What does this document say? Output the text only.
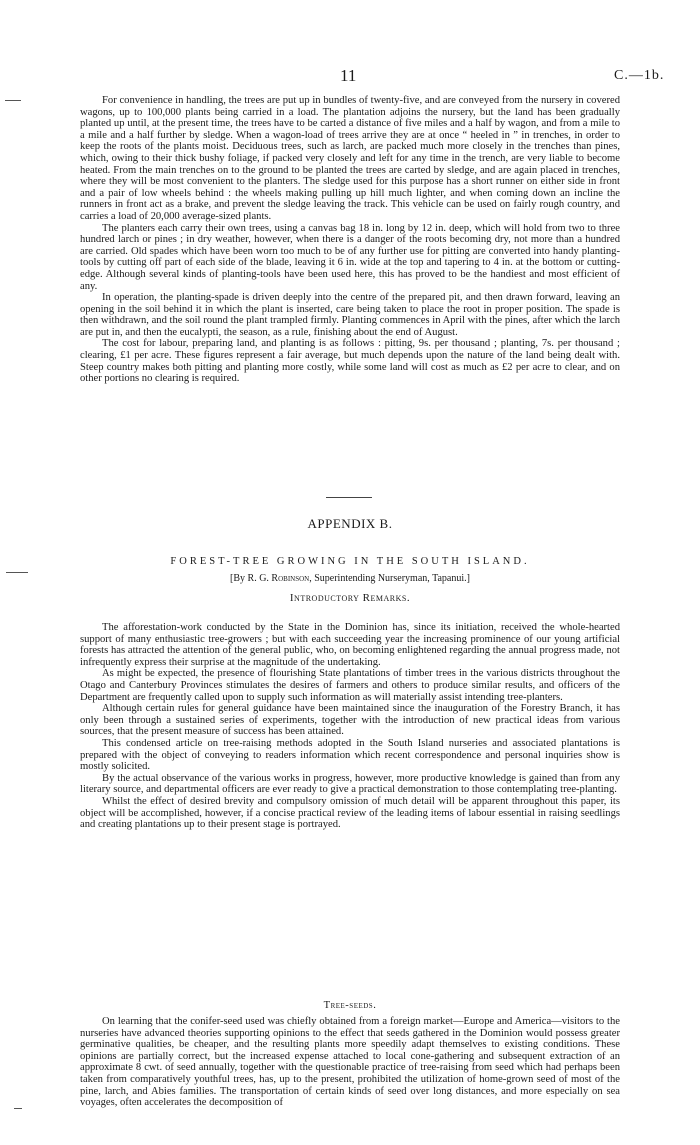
11	C.—1b.

For convenience in handling, the trees are put up in bundles of twenty-five, and are conveyed from the nursery in covered wagons, up to 100,000 plants being carried in a load. The plantation adjoins the nursery, but the land has been gradually planted up until, at the present time, the trees have to be carted a distance of five miles and a half by wagon, and from a mile to a mile and a half further by sledge. When a wagon-load of trees arrive they are at once “ heeled in ” in trenches, in order to keep the roots of the plants moist. Deciduous trees, such as larch, are packed much more closely in the trenches than pines, which, owing to their thick bushy foliage, if packed very closely and left for any time in the trench, are very liable to become heated. From the main trenches on to the ground to be planted the trees are carted by sledge, and are again placed in trenches, where they will be most convenient to the planters. The sledge used for this purpose has a short runner on either side in front and a pair of low wheels behind : the wheels making pulling up hill much lighter, and when coming down an incline the runners in front act as a brake, and prevent the sledge leaving the track. This vehicle can be used on fairly rough country, and carries a load of 20,000 average-sized plants.

The planters each carry their own trees, using a canvas bag 18 in. long by 12 in. deep, which will hold from two to three hundred larch or pines ; in dry weather, however, when there is a danger of the roots becoming dry, not more than a hundred are carried. Old spades which have been worn too much to be of any further use for pitting are converted into handy planting-tools by cutting off part of each side of the blade, leaving it 6 in. wide at the top and tapering to 4 in. at the bottom or cutting-edge. Although several kinds of planting-tools have been used here, this has proved to be the handiest and most efficient of any.

In operation, the planting-spade is driven deeply into the centre of the prepared pit, and then drawn forward, leaving an opening in the soil behind it in which the plant is inserted, care being taken to place the root in proper position. The spade is then withdrawn, and the soil round the plant trampled firmly. Planting commences in April with the pines, after which the larch are put in, and then the eucalypti, the season, as a rule, finishing about the end of August.

The cost for labour, preparing land, and planting is as follows : pitting, 9s. per thousand ; planting, 7s. per thousand ; clearing, £1 per acre. These figures represent a fair average, but much depends upon the nature of the land being dealt with. Steep country makes both pitting and planting more costly, while some land will cost as much as £2 per acre to clear, and on other portions no clearing is required.

APPENDIX B.
FOREST-TREE GROWING IN THE SOUTH ISLAND.
[By R. G. Robinson, Superintending Nurseryman, Tapanui.]
Introductory Remarks.

The afforestation-work conducted by the State in the Dominion has, since its initiation, received the whole-hearted support of many enthusiastic tree-growers ; but with each succeeding year the increasing prominence of our young artificial forests has attracted the attention of the general public, who, on becoming enlightened regarding the annual progress made, not infrequently express their surprise at the magnitude of the undertaking.

As might be expected, the presence of flourishing State plantations of timber trees in the various districts throughout the Otago and Canterbury Provinces stimulates the desires of farmers and others to produce similar results, and officers of the Department are frequently called upon to supply such information as will materially assist intending tree-planters.

Although certain rules for general guidance have been maintained since the inauguration of the Forestry Branch, it has only been through a sustained series of experiments, together with the introduction of new practical ideas from various sources, that the present measure of success has been attained.

This condensed article on tree-raising methods adopted in the South Island nurseries and associated plantations is prepared with the object of conveying to readers information which recent correspondence and personal inquiries show is mostly solicited.

By the actual observance of the various works in progress, however, more productive knowledge is gained than from any literary source, and departmental officers are ever ready to give a practical demonstration to those contemplating tree-planting.

Whilst the effect of desired brevity and compulsory omission of much detail will be apparent throughout this paper, its object will be accomplished, however, if a concise practical review of the leading items of labour essential in raising seedlings and creating plantations up to their present stage is portrayed.

Tree-seeds.

On learning that the conifer-seed used was chiefly obtained from a foreign market—Europe and America—visitors to the nurseries have advanced theories supporting opinions to the effect that seeds gathered in the Dominion would possess greater germinative qualities, be cheaper, and the resulting plants more speedily adapt themselves to existing conditions. These opinions are partially correct, but the increased expense attached to local cone-gathering and subsequent extraction of an approximate 8 cwt. of seed annually, together with the questionable practice of tree-raising from seed which had perhaps been taken from comparatively youthful trees, has, up to the present, prohibited the utilization of home-grown seed of most of the pine, larch, and Abies families. The transportation of certain kinds of seed over long distances, and more especially on sea voyages, often accelerates the decomposition of
